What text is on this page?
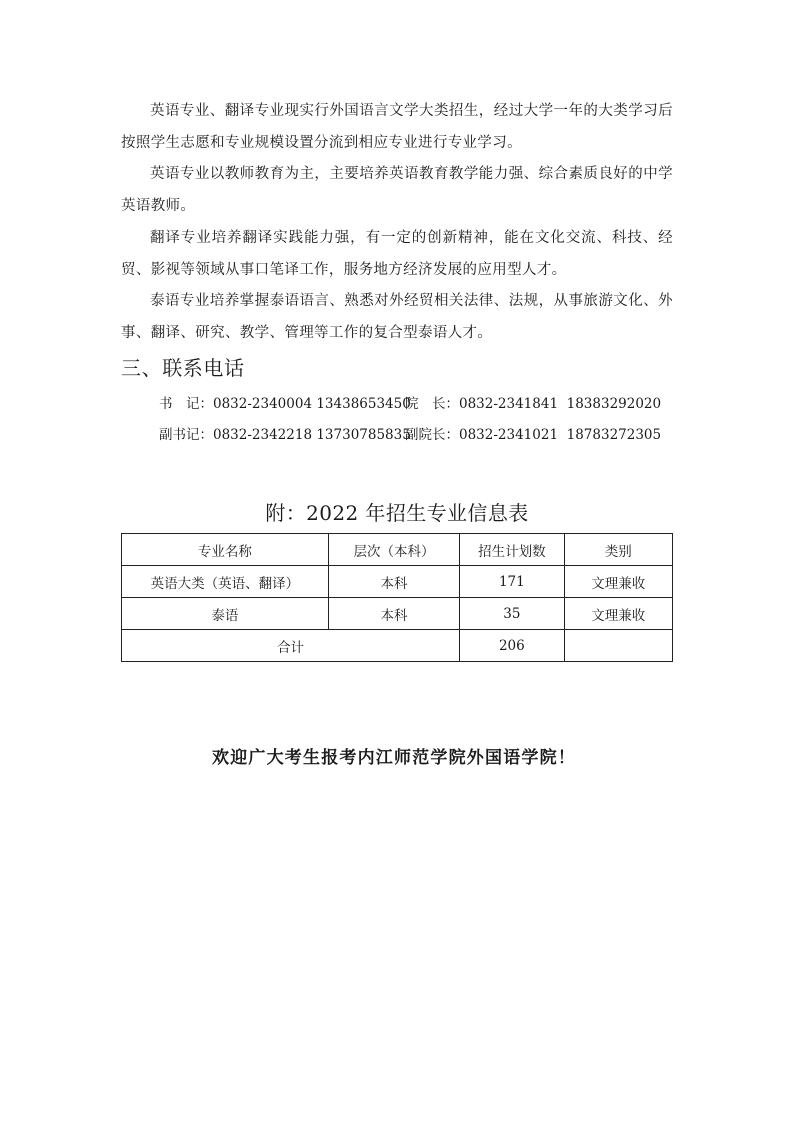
英语专业、翻译专业现实行外国语言文学大类招生，经过大学一年的大类学习后按照学生志愿和专业规模设置分流到相应专业进行专业学习。

英语专业以教师教育为主，主要培养英语教育教学能力强、综合素质良好的中学英语教师。

翻译专业培养翻译实践能力强，有一定的创新精神，能在文化交流、科技、经贸、影视等领域从事口笔译工作，服务地方经济发展的应用型人才。

泰语专业培养掌握泰语语言、熟悉对外经贸相关法律、法规，从事旅游文化、外事、翻译、研究、教学、管理等工作的复合型泰语人才。

三、联系电话

书　记：0832-2340004 13438653450

院　长：0832-2341841  18383292020

副书记：0832-2342218 13730785835

副院长：0832-2341021  18783272305

附：2022 年招生专业信息表
专业名称	层次（本科）	招生计划数	类别
英语大类（英语、翻译）	本科	171	文理兼收
泰语	本科	35	文理兼收
合计		206	
欢迎广大考生报考内江师范学院外国语学院！
